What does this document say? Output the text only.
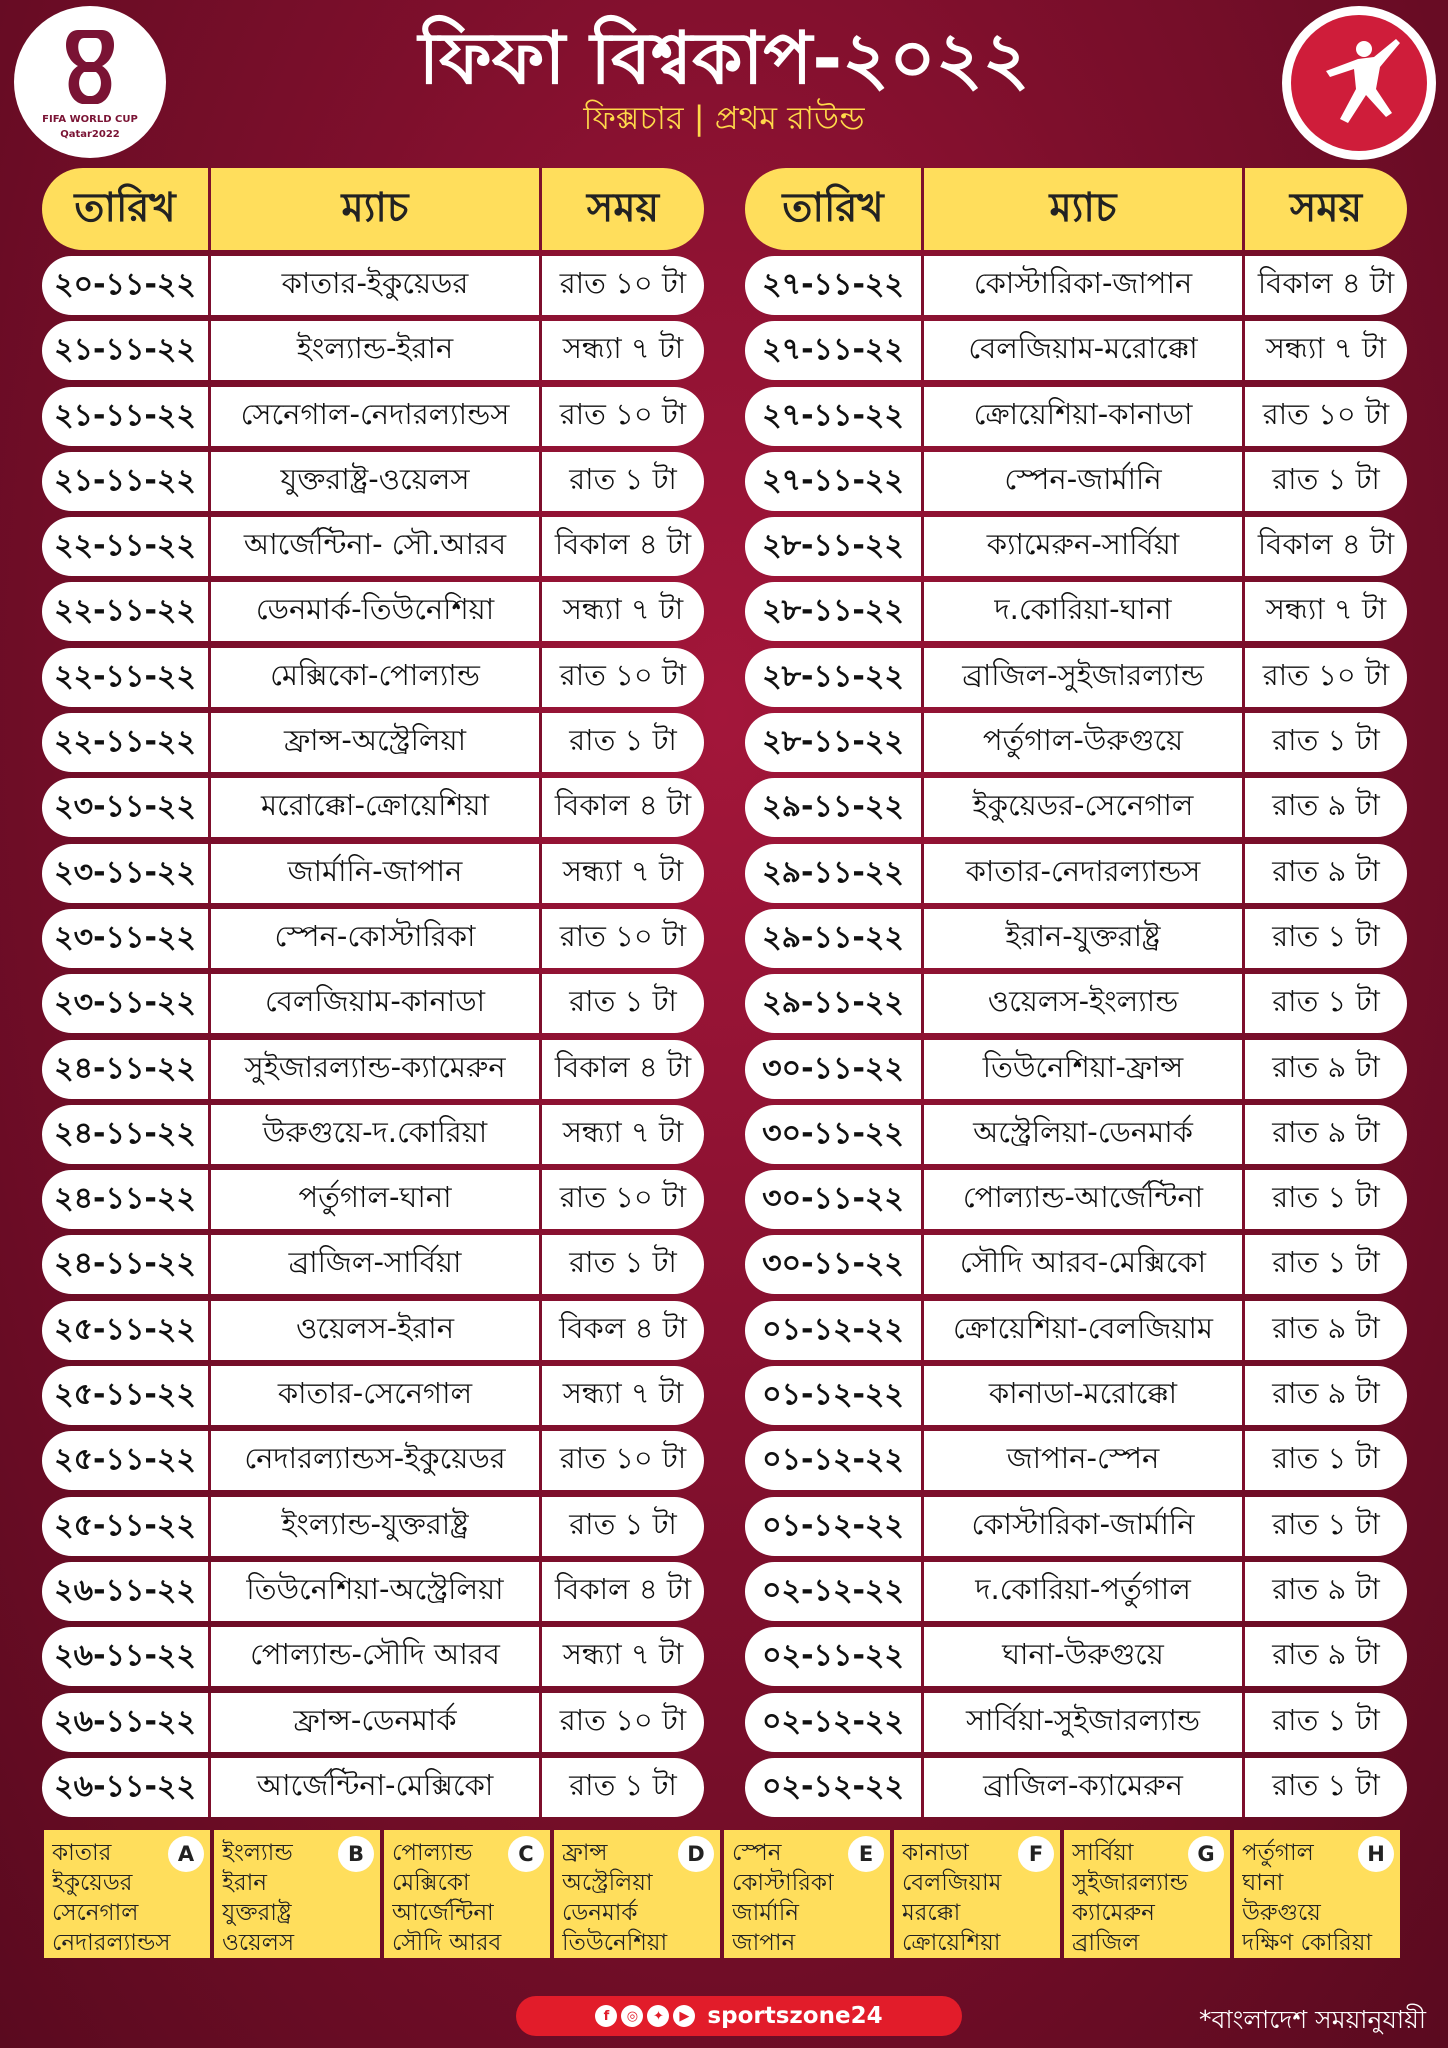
FIFA WORLD CUP
Qatar2022
ফিফা বিশ্বকাপ-২০২২
ফিক্সচার | প্রথম রাউন্ড
তারিখ	ম্যাচ	সময়
২০-১১-২২	কাতার-ইকুয়েডর	রাত ১০ টা
২১-১১-২২	ইংল্যান্ড-ইরান	সন্ধ্যা ৭ টা
২১-১১-২২	সেনেগাল-নেদারল্যান্ডস	রাত ১০ টা
২১-১১-২২	যুক্তরাষ্ট্র-ওয়েলস	রাত ১ টা
২২-১১-২২	আর্জেন্টিনা- সৌ.আরব	বিকাল ৪ টা
২২-১১-২২	ডেনমার্ক-তিউনেশিয়া	সন্ধ্যা ৭ টা
২২-১১-২২	মেক্সিকো-পোল্যান্ড	রাত ১০ টা
২২-১১-২২	ফ্রান্স-অস্ট্রেলিয়া	রাত ১ টা
২৩-১১-২২	মরোক্কো-ক্রোয়েশিয়া	বিকাল ৪ টা
২৩-১১-২২	জার্মানি-জাপান	সন্ধ্যা ৭ টা
২৩-১১-২২	স্পেন-কোস্টারিকা	রাত ১০ টা
২৩-১১-২২	বেলজিয়াম-কানাডা	রাত ১ টা
২৪-১১-২২	সুইজারল্যান্ড-ক্যামেরুন	বিকাল ৪ টা
২৪-১১-২২	উরুগুয়ে-দ.কোরিয়া	সন্ধ্যা ৭ টা
২৪-১১-২২	পর্তুগাল-ঘানা	রাত ১০ টা
২৪-১১-২২	ব্রাজিল-সার্বিয়া	রাত ১ টা
২৫-১১-২২	ওয়েলস-ইরান	বিকল ৪ টা
২৫-১১-২২	কাতার-সেনেগাল	সন্ধ্যা ৭ টা
২৫-১১-২২	নেদারল্যান্ডস-ইকুয়েডর	রাত ১০ টা
২৫-১১-২২	ইংল্যান্ড-যুক্তরাষ্ট্র	রাত ১ টা
২৬-১১-২২	তিউনেশিয়া-অস্ট্রেলিয়া	বিকাল ৪ টা
২৬-১১-২২	পোল্যান্ড-সৌদি আরব	সন্ধ্যা ৭ টা
২৬-১১-২২	ফ্রান্স-ডেনমার্ক	রাত ১০ টা
২৬-১১-২২	আর্জেন্টিনা-মেক্সিকো	রাত ১ টা
তারিখ	ম্যাচ	সময়
২৭-১১-২২	কোস্টারিকা-জাপান	বিকাল ৪ টা
২৭-১১-২২	বেলজিয়াম-মরোক্কো	সন্ধ্যা ৭ টা
২৭-১১-২২	ক্রোয়েশিয়া-কানাডা	রাত ১০ টা
২৭-১১-২২	স্পেন-জার্মানি	রাত ১ টা
২৮-১১-২২	ক্যামেরুন-সার্বিয়া	বিকাল ৪ টা
২৮-১১-২২	দ.কোরিয়া-ঘানা	সন্ধ্যা ৭ টা
২৮-১১-২২	ব্রাজিল-সুইজারল্যান্ড	রাত ১০ টা
২৮-১১-২২	পর্তুগাল-উরুগুয়ে	রাত ১ টা
২৯-১১-২২	ইকুয়েডর-সেনেগাল	রাত ৯ টা
২৯-১১-২২	কাতার-নেদারল্যান্ডস	রাত ৯ টা
২৯-১১-২২	ইরান-যুক্তরাষ্ট্র	রাত ১ টা
২৯-১১-২২	ওয়েলস-ইংল্যান্ড	রাত ১ টা
৩০-১১-২২	তিউনেশিয়া-ফ্রান্স	রাত ৯ টা
৩০-১১-২২	অস্ট্রেলিয়া-ডেনমার্ক	রাত ৯ টা
৩০-১১-২২	পোল্যান্ড-আর্জেন্টিনা	রাত ১ টা
৩০-১১-২২	সৌদি আরব-মেক্সিকো	রাত ১ টা
০১-১২-২২	ক্রোয়েশিয়া-বেলজিয়াম	রাত ৯ টা
০১-১২-২২	কানাডা-মরোক্কো	রাত ৯ টা
০১-১২-২২	জাপান-স্পেন	রাত ১ টা
০১-১২-২২	কোস্টারিকা-জার্মানি	রাত ১ টা
০২-১২-২২	দ.কোরিয়া-পর্তুগাল	রাত ৯ টা
০২-১১-২২	ঘানা-উরুগুয়ে	রাত ৯ টা
০২-১২-২২	সার্বিয়া-সুইজারল্যান্ড	রাত ১ টা
০২-১২-২২	ব্রাজিল-ক্যামেরুন	রাত ১ টা
A
কাতার
ইকুয়েডর
সেনেগাল
নেদারল্যান্ডস
B
ইংল্যান্ড
ইরান
যুক্তরাষ্ট্র
ওয়েলস
C
পোল্যান্ড
মেক্সিকো
আর্জেন্টিনা
সৌদি আরব
D
ফ্রান্স
অস্ট্রেলিয়া
ডেনমার্ক
তিউনেশিয়া
E
স্পেন
কোস্টারিকা
জার্মানি
জাপান
F
কানাডা
বেলজিয়াম
মরক্কো
ক্রোয়েশিয়া
G
সার্বিয়া
সুইজারল্যান্ড
ক্যামেরুন
ব্রাজিল
H
পর্তুগাল
ঘানা
উরুগুয়ে
দক্ষিণ কোরিয়া
f	◎	✦	▶ sportszone24	*বাংলাদেশ সময়ানুযায়ী
